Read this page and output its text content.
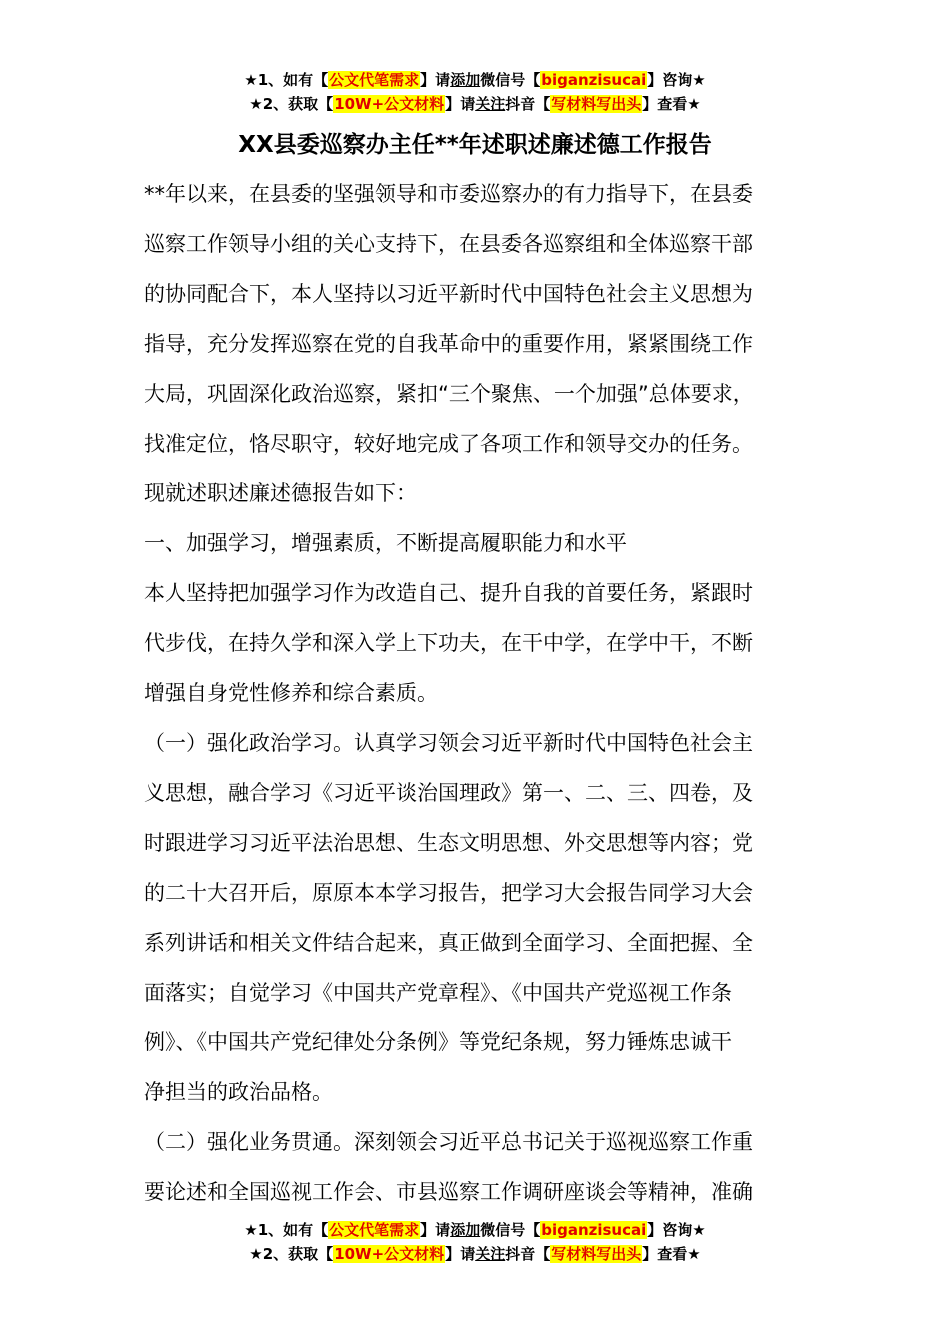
★1、如有【公文代笔需求】请添加微信号【biganzisucai】咨询★
★2、获取【10W+公文材料】请关注抖音【写材料写出头】查看★
XX县委巡察办主任**年述职述廉述德工作报告

**年以来，在县委的坚强领导和市委巡察办的有力指导下，在县委

巡察工作领导小组的关心支持下，在县委各巡察组和全体巡察干部

的协同配合下，本人坚持以习近平新时代中国特色社会主义思想为

指导，充分发挥巡察在党的自我革命中的重要作用，紧紧围绕工作

大局，巩固深化政治巡察，紧扣“三个聚焦、一个加强”总体要求，

找准定位，恪尽职守，较好地完成了各项工作和领导交办的任务。

现就述职述廉述德报告如下：

一、加强学习，增强素质，不断提高履职能力和水平

本人坚持把加强学习作为改造自己、提升自我的首要任务，紧跟时

代步伐，在持久学和深入学上下功夫，在干中学，在学中干，不断

增强自身党性修养和综合素质。

（一）强化政治学习。认真学习领会习近平新时代中国特色社会主

义思想，融合学习《习近平谈治国理政》第一、二、三、四卷，及

时跟进学习习近平法治思想、生态文明思想、外交思想等内容；党

的二十大召开后，原原本本学习报告，把学习大会报告同学习大会

系列讲话和相关文件结合起来，真正做到全面学习、全面把握、全

面落实；自觉学习《中国共产党章程》、《中国共产党巡视工作条

例》、《中国共产党纪律处分条例》等党纪条规，努力锤炼忠诚干

净担当的政治品格。

（二）强化业务贯通。深刻领会习近平总书记关于巡视巡察工作重

要论述和全国巡视工作会、市县巡察工作调研座谈会等精神，准确

★1、如有【公文代笔需求】请添加微信号【biganzisucai】咨询★
★2、获取【10W+公文材料】请关注抖音【写材料写出头】查看★
